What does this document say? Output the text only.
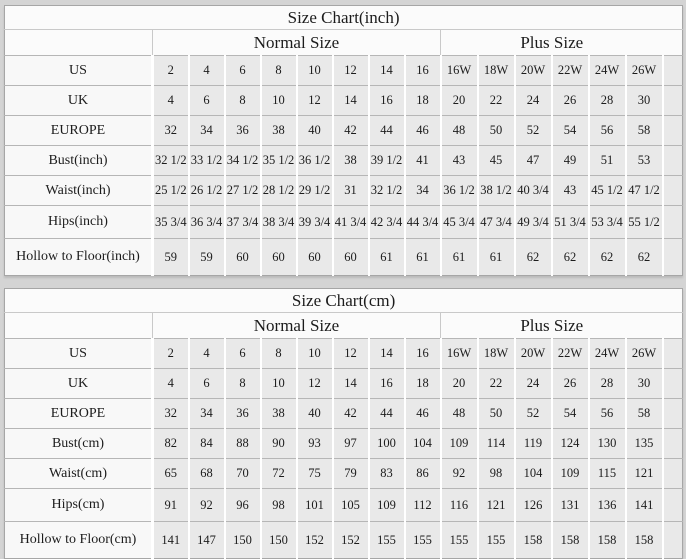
Size Chart(inch)															
	Normal Size								Plus Size						
US	2	4	6	8	10	12	14	16	16W	18W	20W	22W	24W	26W	
UK	4	6	8	10	12	14	16	18	20	22	24	26	28	30	
EUROPE	32	34	36	38	40	42	44	46	48	50	52	54	56	58	
Bust(inch)	32 1/2	33 1/2	34 1/2	35 1/2	36 1/2	38	39 1/2	41	43	45	47	49	51	53	
Waist(inch)	25 1/2	26 1/2	27 1/2	28 1/2	29 1/2	31	32 1/2	34	36 1/2	38 1/2	40 3/4	43	45 1/2	47 1/2	
Hips(inch)	35 3/4	36 3/4	37 3/4	38 3/4	39 3/4	41 3/4	42 3/4	44 3/4	45 3/4	47 3/4	49 3/4	51 3/4	53 3/4	55 1/2	
Hollow to Floor(inch)	59	59	60	60	60	60	61	61	61	61	62	62	62	62	
Size Chart(cm)															
	Normal Size								Plus Size						
US	2	4	6	8	10	12	14	16	16W	18W	20W	22W	24W	26W	
UK	4	6	8	10	12	14	16	18	20	22	24	26	28	30	
EUROPE	32	34	36	38	40	42	44	46	48	50	52	54	56	58	
Bust(cm)	82	84	88	90	93	97	100	104	109	114	119	124	130	135	
Waist(cm)	65	68	70	72	75	79	83	86	92	98	104	109	115	121	
Hips(cm)	91	92	96	98	101	105	109	112	116	121	126	131	136	141	
Hollow to Floor(cm)	141	147	150	150	152	152	155	155	155	155	158	158	158	158	
